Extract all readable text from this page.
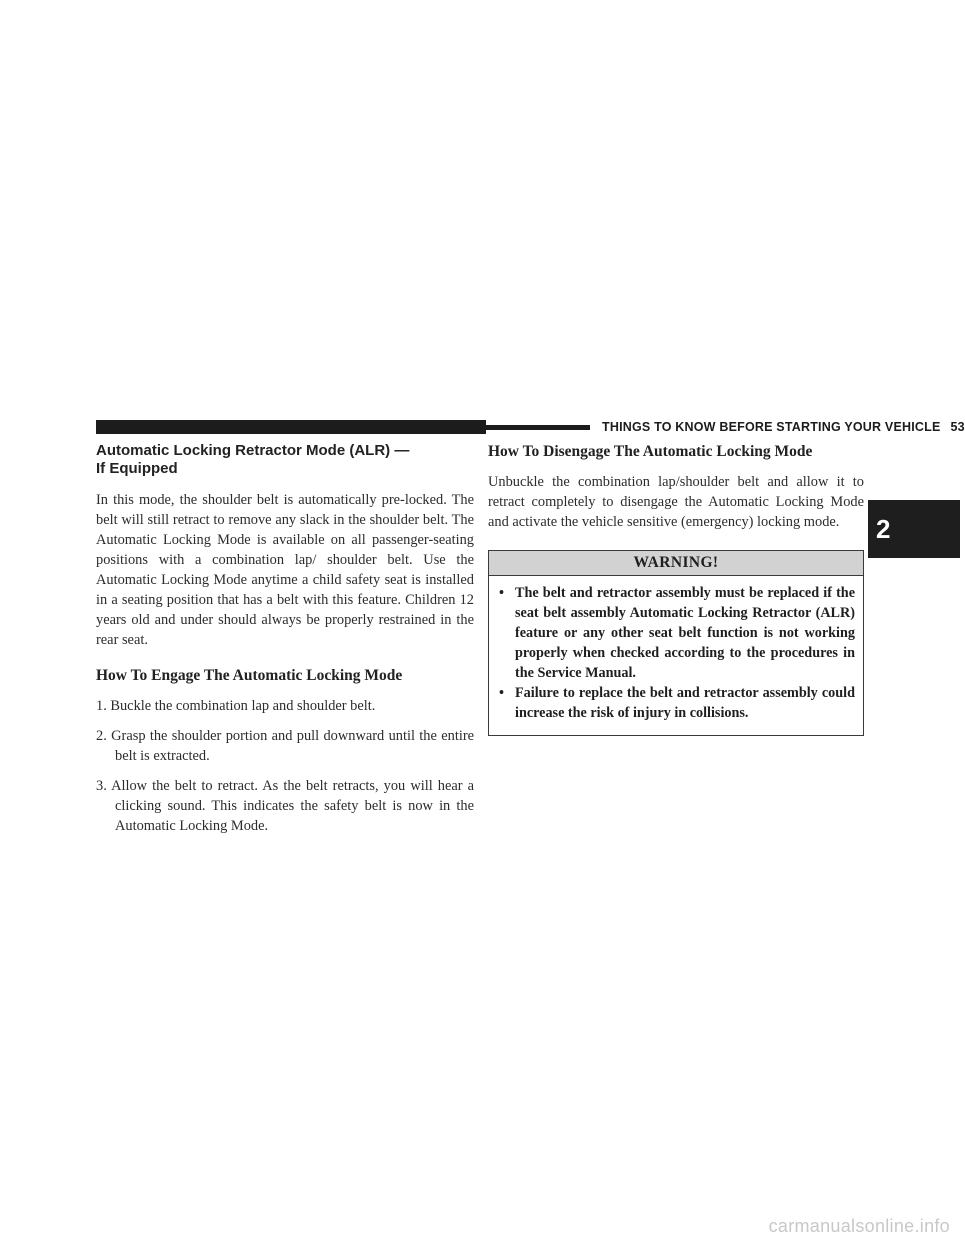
THINGS TO KNOW BEFORE STARTING YOUR VEHICLE 53
2
Automatic Locking Retractor Mode (ALR) —
If Equipped

In this mode, the shoulder belt is automatically pre-locked. The belt will still retract to remove any slack in the shoulder belt. The Automatic Locking Mode is available on all passenger-seating positions with a combination lap/ shoulder belt. Use the Automatic Locking Mode anytime a child safety seat is installed in a seating position that has a belt with this feature. Children 12 years old and under should always be properly restrained in the rear seat.

How To Engage The Automatic Locking Mode
1. Buckle the combination lap and shoulder belt.
2. Grasp the shoulder portion and pull downward until the entire belt is extracted.
3. Allow the belt to retract. As the belt retracts, you will hear a clicking sound. This indicates the safety belt is now in the Automatic Locking Mode.
How To Disengage The Automatic Locking Mode

Unbuckle the combination lap/shoulder belt and allow it to retract completely to disengage the Automatic Locking Mode and activate the vehicle sensitive (emergency) locking mode.

WARNING!
• The belt and retractor assembly must be replaced if the seat belt assembly Automatic Locking Retractor (ALR) feature or any other seat belt function is not working properly when checked according to the procedures in the Service Manual.
• Failure to replace the belt and retractor assembly could increase the risk of injury in collisions.
carmanualsonline.info
